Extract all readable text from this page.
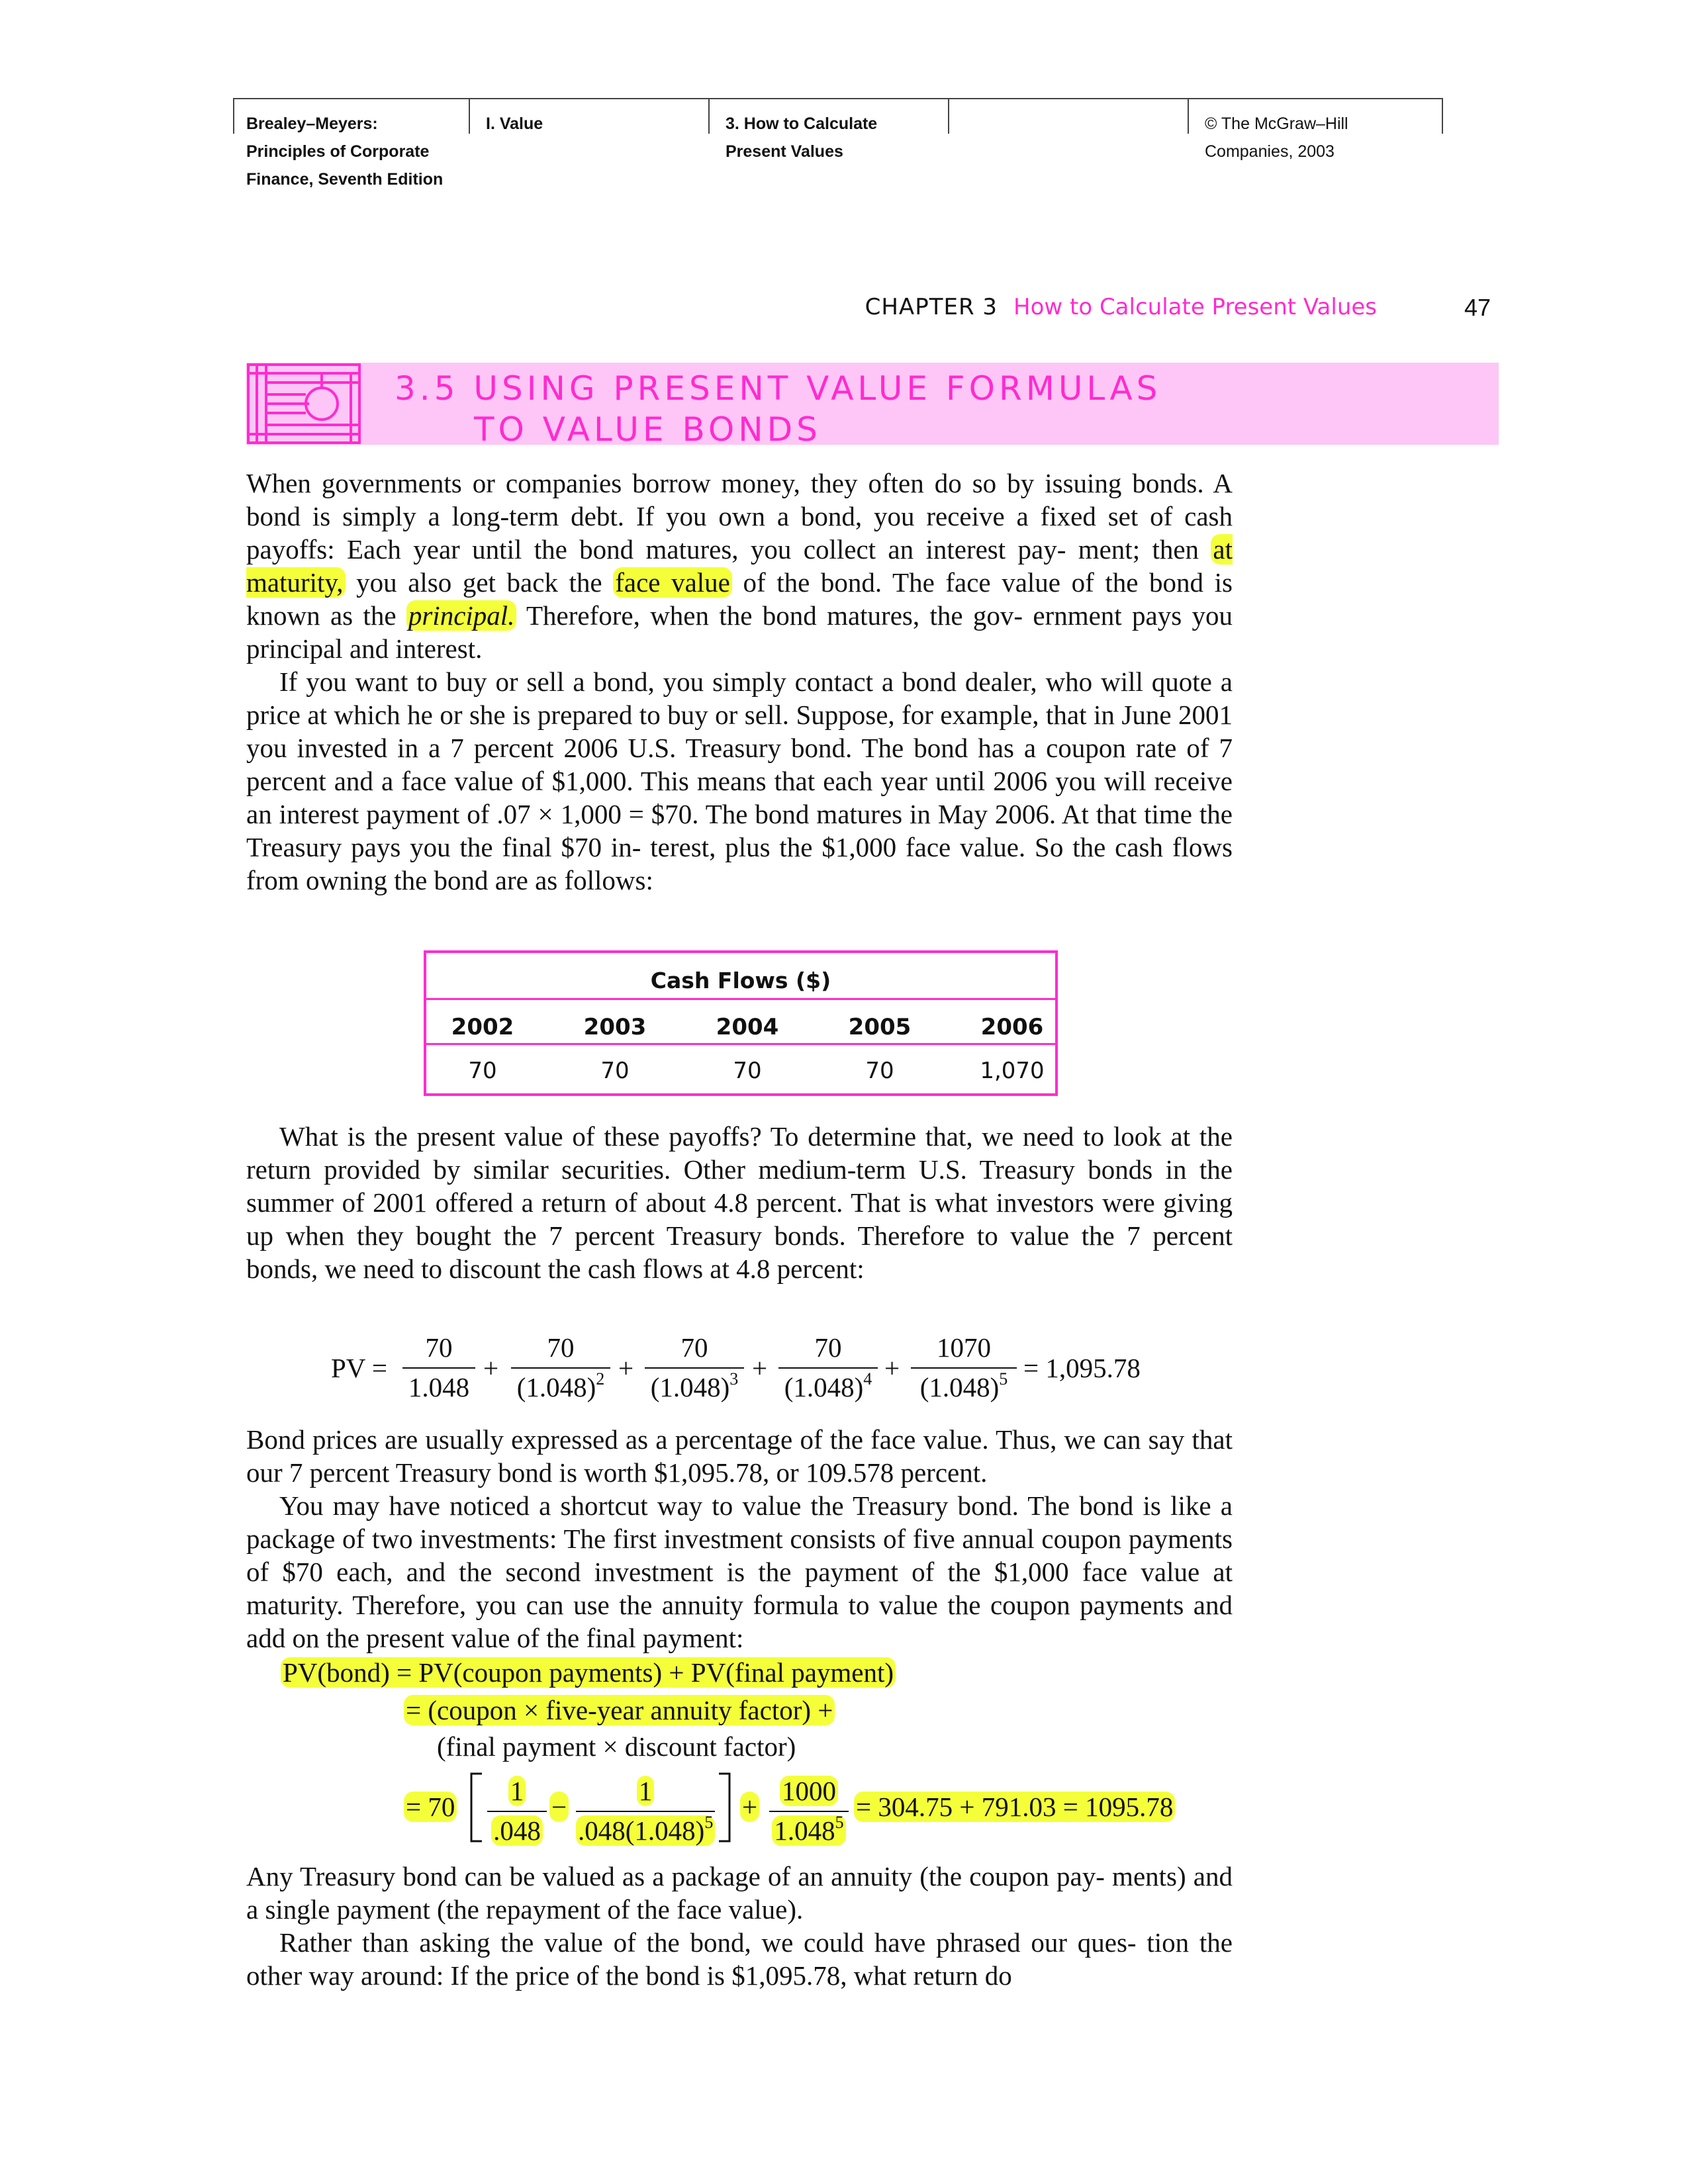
Brealey–Meyers:
Principles of Corporate
Finance, Seventh Edition
I. Value	3. How to Calculate
Present Values
© The McGraw–Hill
Companies, 2003
CHAPTER 3 How to Calculate Present Values	47
3.5 USING PRESENT VALUE FORMULAS
TO VALUE BONDS

When governments or companies borrow money, they often do so by issuing bonds. A bond is simply a long-term debt. If you own a bond, you receive a fixed set of cash payoffs: Each year until the bond matures, you collect an interest pay- ment; then at maturity, you also get back the face value of the bond. The face value of the bond is known as the principal. Therefore, when the bond matures, the gov- ernment pays you principal and interest.

If you want to buy or sell a bond, you simply contact a bond dealer, who will quote a price at which he or she is prepared to buy or sell. Suppose, for example, that in June 2001 you invested in a 7 percent 2006 U.S. Treasury bond. The bond has a coupon rate of 7 percent and a face value of $1,000. This means that each year until 2006 you will receive an interest payment of .07 × 1,000 = $70. The bond matures in May 2006. At that time the Treasury pays you the final $70 in- terest, plus the $1,000 face value. So the cash flows from owning the bond are as follows:

Cash Flows ($)
2002	2003	2004	2005	2006
70	70	70	70	1,070

What is the present value of these payoffs? To determine that, we need to look at the return provided by similar securities. Other medium-term U.S. Treasury bonds in the summer of 2001 offered a return of about 4.8 percent. That is what investors were giving up when they bought the 7 percent Treasury bonds. Therefore to value the 7 percent bonds, we need to discount the cash flows at 4.8 percent:

PV =
70
1.048
+
70
$(1.048)^2$ +
70
$(1.048)^3$ +
70
$(1.048)^4$ +
1070
$(1.048)^5 = 1,095.78$

Bond prices are usually expressed as a percentage of the face value. Thus, we can say that our 7 percent Treasury bond is worth $1,095.78, or 109.578 percent.

You may have noticed a shortcut way to value the Treasury bond. The bond is like a package of two investments: The first investment consists of five annual coupon payments of $70 each, and the second investment is the payment of the $1,000 face value at maturity. Therefore, you can use the annuity formula to value the coupon payments and add on the present value of the final payment:

PV(bond) = PV(coupon payments) + PV(final payment)
= (coupon × five-year annuity factor) +
(final payment × discount factor)
= 70
1
.048
−
1
$.048(1.048)^5$
+
1000
$1.048^5$
= 304.75 + 791.03 = 1095.78

Any Treasury bond can be valued as a package of an annuity (the coupon pay- ments) and a single payment (the repayment of the face value).

Rather than asking the value of the bond, we could have phrased our ques- tion the other way around: If the price of the bond is $1,095.78, what return do
